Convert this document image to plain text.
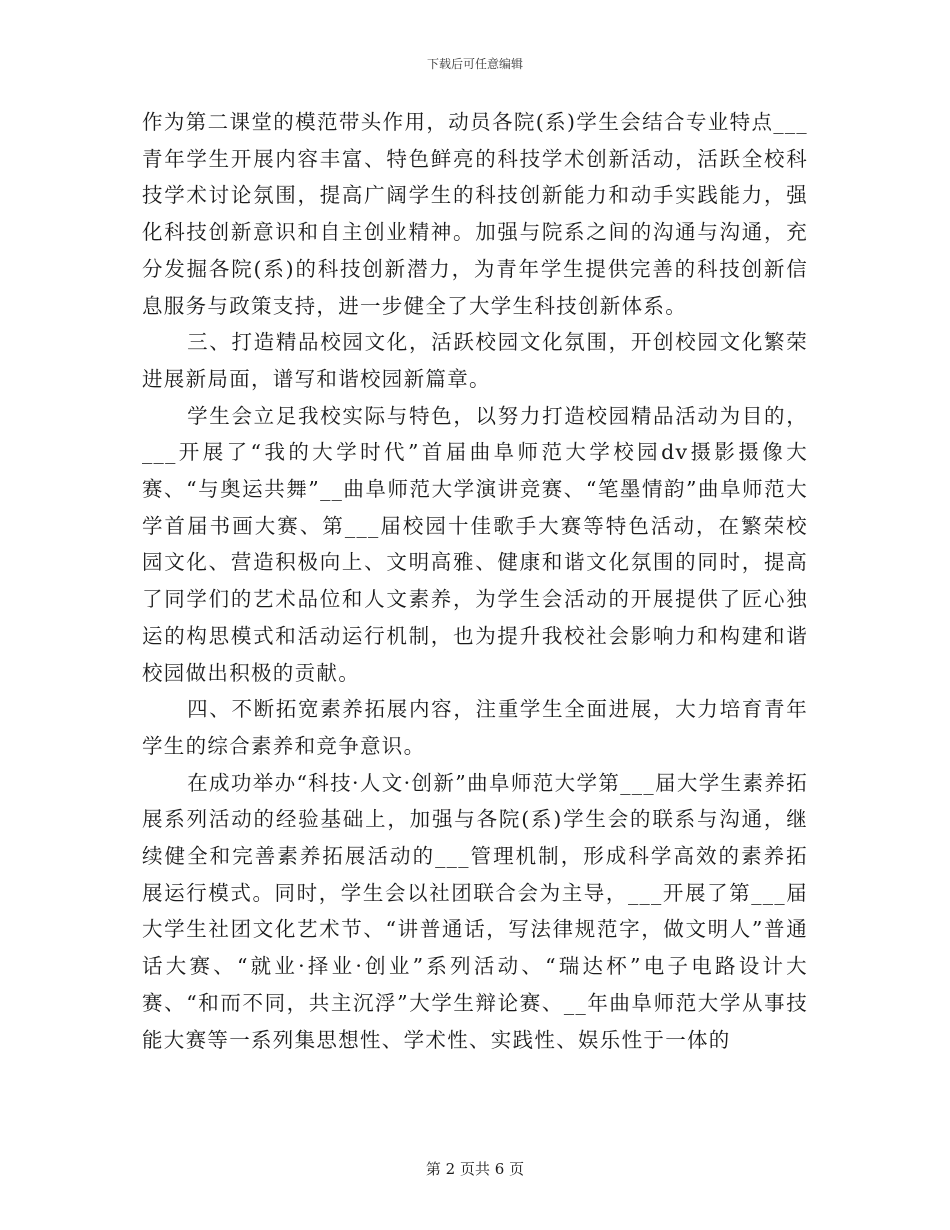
下载后可任意编辑

作为第二课堂的模范带头作用，动员各院(系)学生会结合专业特点___青年学生开展内容丰富、特色鲜亮的科技学术创新活动，活跃全校科技学术讨论氛围，提高广阔学生的科技创新能力和动手实践能力，强化科技创新意识和自主创业精神。加强与院系之间的沟通与沟通，充分发掘各院(系)的科技创新潜力，为青年学生提供完善的科技创新信息服务与政策支持，进一步健全了大学生科技创新体系。

三、打造精品校园文化，活跃校园文化氛围，开创校园文化繁荣进展新局面，谱写和谐校园新篇章。

学生会立足我校实际与特色，以努力打造校园精品活动为目的，___开展了“我的大学时代”首届曲阜师范大学校园dv摄影摄像大赛、“与奥运共舞”__曲阜师范大学演讲竞赛、“笔墨情韵”曲阜师范大学首届书画大赛、第___届校园十佳歌手大赛等特色活动，在繁荣校园文化、营造积极向上、文明高雅、健康和谐文化氛围的同时，提高了同学们的艺术品位和人文素养，为学生会活动的开展提供了匠心独运的构思模式和活动运行机制，也为提升我校社会影响力和构建和谐校园做出积极的贡献。

四、不断拓宽素养拓展内容，注重学生全面进展，大力培育青年学生的综合素养和竞争意识。

在成功举办“科技·人文·创新”曲阜师范大学第___届大学生素养拓展系列活动的经验基础上，加强与各院(系)学生会的联系与沟通，继续健全和完善素养拓展活动的___管理机制，形成科学高效的素养拓展运行模式。同时，学生会以社团联合会为主导，___开展了第___届大学生社团文化艺术节、“讲普通话，写法律规范字，做文明人”普通话大赛、“就业·择业·创业”系列活动、“瑞达杯”电子电路设计大赛、“和而不同，共主沉浮”大学生辩论赛、__年曲阜师范大学从事技能大赛等一系列集思想性、学术性、实践性、娱乐性于一体的

第 2 页共 6 页
